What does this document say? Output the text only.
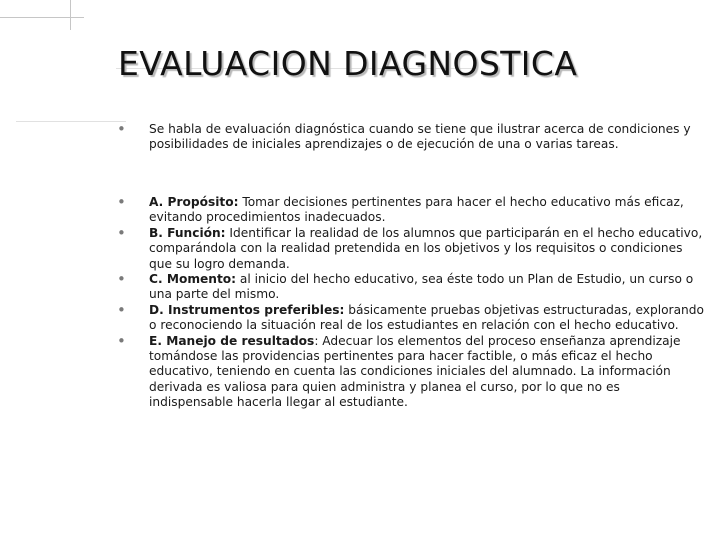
EVALUACION DIAGNOSTICA
• Se habla de evaluación diagnóstica cuando se tiene que ilustrar acerca de condiciones y posibilidades de iniciales aprendizajes o de ejecución de una o varias tareas.
• A. Propósito: Tomar decisiones pertinentes para hacer el hecho educativo más eficaz, evitando procedimientos inadecuados.
• B. Función: Identificar la realidad de los alumnos que participarán en el hecho educativo, comparándola con la realidad pretendida en los objetivos y los requisitos o condiciones que su logro demanda.
• C. Momento: al inicio del hecho educativo, sea éste todo un Plan de Estudio, un curso o una parte del mismo.
• D. Instrumentos preferibles: básicamente pruebas objetivas estructuradas, explorando o reconociendo la situación real de los estudiantes en relación con el hecho educativo.
• E. Manejo de resultados: Adecuar los elementos del proceso enseñanza aprendizaje tomándose las providencias pertinentes para hacer factible, o más eficaz el hecho educativo, teniendo en cuenta las condiciones iniciales del alumnado. La información derivada es valiosa para quien administra y planea el curso, por lo que no es indispensable hacerla llegar al estudiante.
